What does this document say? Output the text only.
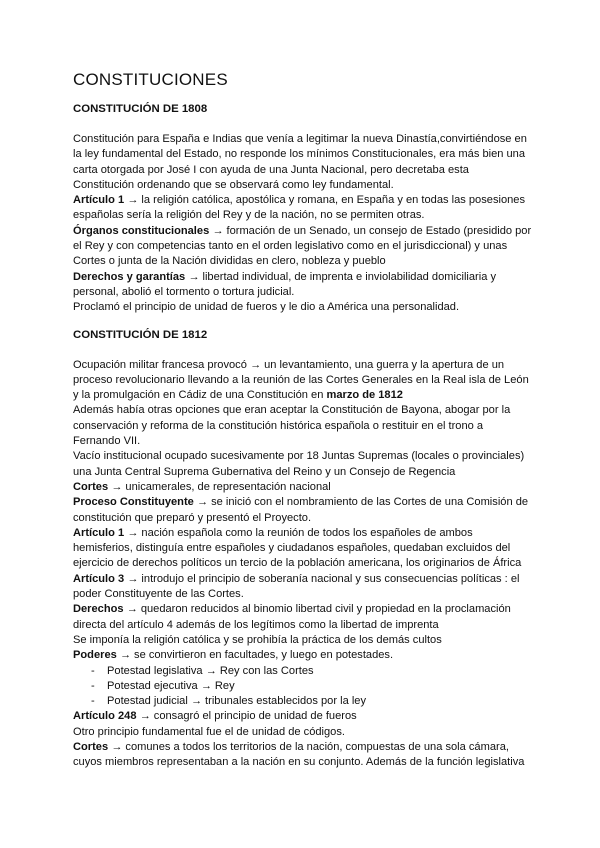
CONSTITUCIONES
CONSTITUCIÓN DE 1808

Constitución para España e Indias que venía a legitimar la nueva Dinastía,convirtiéndose en la ley fundamental del Estado, no responde los mínimos Constitucionales, era más bien una carta otorgada por José I con ayuda de una Junta Nacional, pero decretaba esta Constitución ordenando que se observará como ley fundamental.

Artículo 1 → la religión católica, apostólica y romana, en España y en todas las posesiones españolas sería la religión del Rey y de la nación, no se permiten otras.

Órganos constitucionales → formación de un Senado, un consejo de Estado (presidido por el Rey y con competencias tanto en el orden legislativo como en el jurisdiccional) y unas Cortes o junta de la Nación divididas en clero, nobleza y pueblo

Derechos y garantías → libertad individual, de imprenta e inviolabilidad domiciliaria y personal, abolió el tormento o tortura judicial.

Proclamó el principio de unidad de fueros y le dio a América una personalidad.

CONSTITUCIÓN DE 1812

Ocupación militar francesa provocó → un levantamiento, una guerra y la apertura de un proceso revolucionario llevando a la reunión de las Cortes Generales en la Real isla de León y la promulgación en Cádiz de una Constitución en marzo de 1812

Además había otras opciones que eran aceptar la Constitución de Bayona, abogar por la conservación y reforma de la constitución histórica española o restituir en el trono a Fernando VII.

Vacío institucional ocupado sucesivamente por 18 Juntas Supremas (locales o provinciales) una Junta Central Suprema Gubernativa del Reino y un Consejo de Regencia

Cortes → unicamerales, de representación nacional

Proceso Constituyente → se inició con el nombramiento de las Cortes de una Comisión de constitución que preparó y presentó el Proyecto.

Artículo 1 → nación española como la reunión de todos los españoles de ambos hemisferios, distinguía entre españoles y ciudadanos españoles, quedaban excluidos del ejercicio de derechos políticos un tercio de la población americana, los originarios de África

Artículo 3 → introdujo el principio de soberanía nacional y sus consecuencias políticas : el poder Constituyente de las Cortes.

Derechos → quedaron reducidos al binomio libertad civil y propiedad en la proclamación directa del artículo 4 además de los legítimos como la libertad de imprenta

Se imponía la religión católica y se prohibía la práctica de los demás cultos

Poderes → se convirtieron en facultades, y luego en potestades.

- Potestad legislativa → Rey con las Cortes
- Potestad ejecutiva → Rey
- Potestad judicial → tribunales establecidos por la ley

Artículo 248 → consagró el principio de unidad de fueros

Otro principio fundamental fue el de unidad de códigos.

Cortes → comunes a todos los territorios de la nación, compuestas de una sola cámara, cuyos miembros representaban a la nación en su conjunto. Además de la función legislativa
